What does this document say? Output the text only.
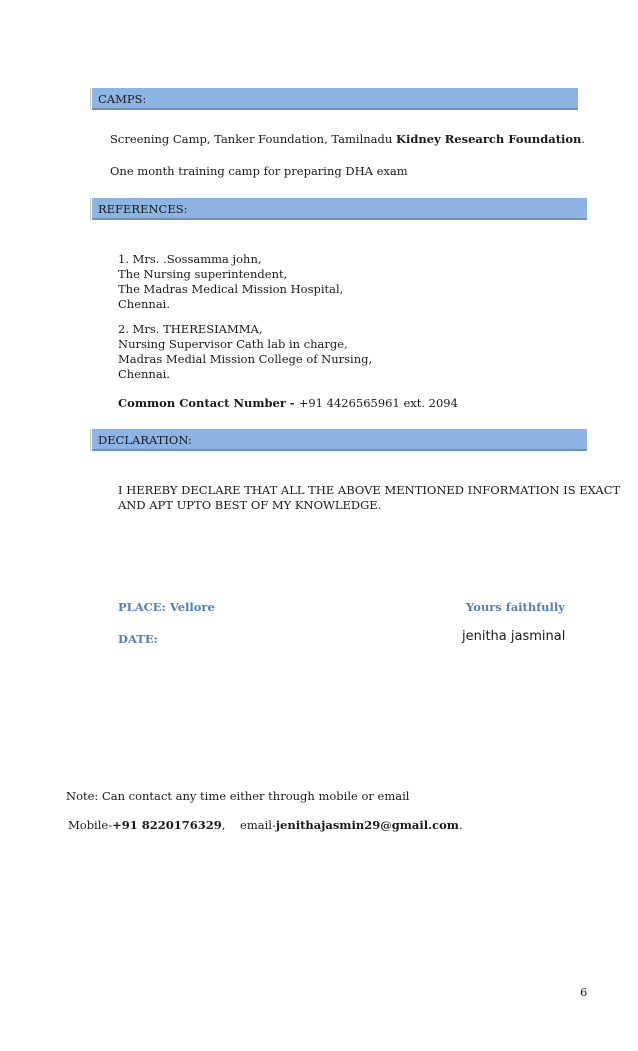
CAMPS:
Screening Camp, Tanker Foundation, Tamilnadu Kidney Research Foundation.
One month training camp for preparing DHA exam
REFERENCES:
1. Mrs. .Sossamma john,
The Nursing superintendent,
The Madras Medical Mission Hospital,
Chennai.
2. Mrs. THERESIAMMA,
Nursing Supervisor Cath lab in charge,
Madras Medial Mission College of Nursing,
Chennai.
Common Contact Number - +91 4426565961 ext. 2094
DECLARATION:
I HEREBY DECLARE THAT ALL THE ABOVE MENTIONED INFORMATION IS EXACT
AND APT UPTO BEST OF MY KNOWLEDGE.
PLACE: Vellore	Yours faithfully
DATE:	jenitha jasminal
Note: Can contact any time either through mobile or email
Mobile-+91 8220176329,    email-jenithajasmin29@gmail.com.
6
